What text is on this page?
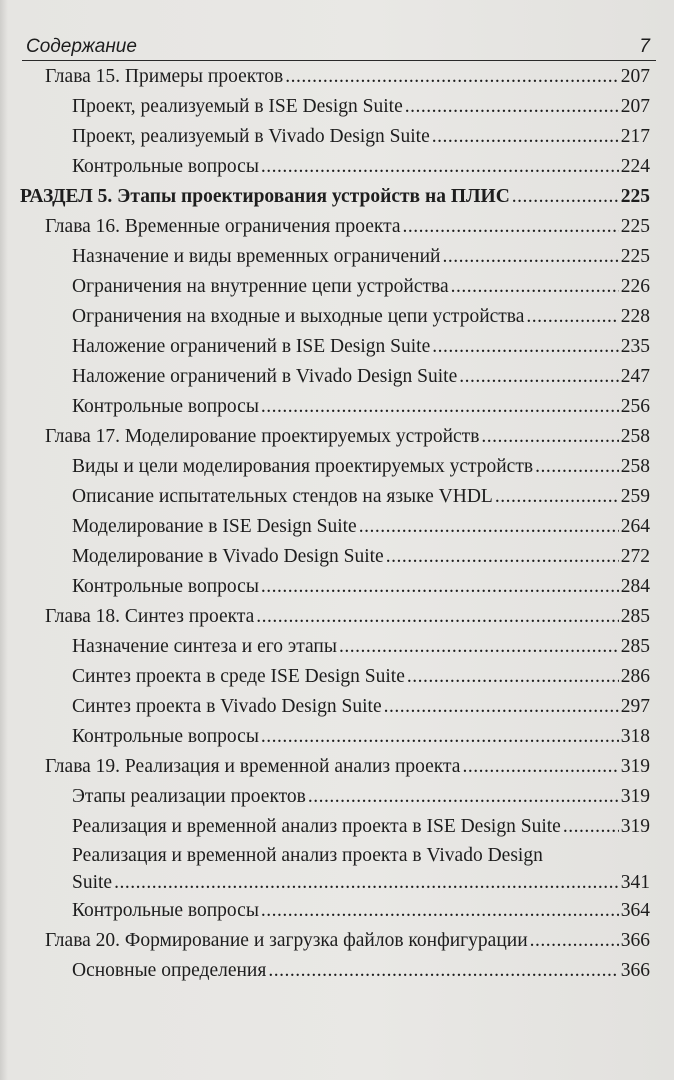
Содержание	7
Глава 15. Примеры проектов .....	207
Проект, реализуемый в ISE Design Suite .....	207
Проект, реализуемый в Vivado Design Suite .....	217
Контрольные вопросы .....	224
РАЗДЕЛ 5. Этапы проектирования устройств на ПЛИС .....	225
Глава 16. Временные ограничения проекта .....	225
Назначение и виды временных ограничений .....	225
Ограничения на внутренние цепи устройства .....	226
Ограничения на входные и выходные цепи устройства .....	228
Наложение ограничений в ISE Design Suite .....	235
Наложение ограничений в Vivado Design Suite .....	247
Контрольные вопросы .....	256
Глава 17. Моделирование проектируемых устройств .....	258
Виды и цели моделирования проектируемых устройств .....	258
Описание испытательных стендов на языке VHDL .....	259
Моделирование в ISE Design Suite .....	264
Моделирование в Vivado Design Suite .....	272
Контрольные вопросы .....	284
Глава 18. Синтез проекта .....	285
Назначение синтеза и его этапы .....	285
Синтез проекта в среде ISE Design Suite .....	286
Синтез проекта в Vivado Design Suite .....	297
Контрольные вопросы .....	318
Глава 19. Реализация и временной анализ проекта .....	319
Этапы реализации проектов .....	319
Реализация и временной анализ проекта в ISE Design Suite .....	319
Реализация и временной анализ проекта в Vivado Design
Suite .....	341
Контрольные вопросы .....	364
Глава 20. Формирование и загрузка файлов конфигурации .....	366
Основные определения .....	366
